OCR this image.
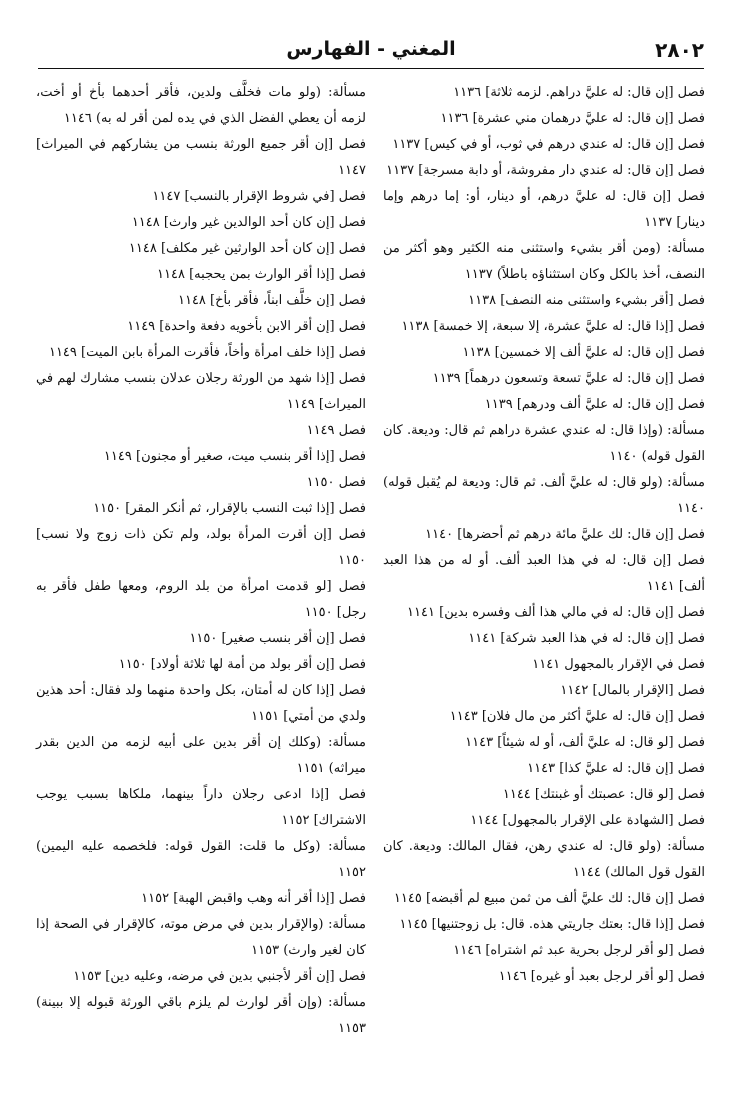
٢٨٠٢
المغني - الفهارس
فصل [إن قال: له عليَّ دراهم. لزمه ثلاثة] ١١٣٦
فصل [إن قال: له عليَّ درهمان مني عشرة] ١١٣٦
فصل [إن قال: له عندي درهم في ثوب، أو في كيس] ١١٣٧
فصل [إن قال: له عندي دار مفروشة، أو دابة مسرجة] ١١٣٧
فصل [إن قال: له عليَّ درهم، أو دينار، أو: إما درهم وإما دينار] ١١٣٧
مسألة: (ومن أقر بشيء واستثنى منه الكثير وهو أكثر من النصف، أخذ بالكل وكان استثناؤه باطلاً) ١١٣٧
فصل [أقر بشيء واستثنى منه النصف] ١١٣٨
فصل [إذا قال: له عليَّ عشرة، إلا سبعة، إلا خمسة] ١١٣٨
فصل [إن قال: له عليَّ ألف إلا خمسين] ١١٣٨
فصل [إن قال: له عليَّ تسعة وتسعون درهماً] ١١٣٩
فصل [إن قال: له عليَّ ألف ودرهم] ١١٣٩
مسألة: (وإذا قال: له عندي عشرة دراهم ثم قال: وديعة. كان القول قوله) ١١٤٠
مسألة: (ولو قال: له عليَّ ألف. ثم قال: وديعة لم يُقبل قوله) ١١٤٠
فصل [إن قال: لك عليَّ مائة درهم ثم أحضرها] ١١٤٠
فصل [إن قال: له في هذا العبد ألف. أو له من هذا العبد ألف] ١١٤١
فصل [إن قال: له في مالي هذا ألف وفسره بدين] ١١٤١
فصل [إن قال: له في هذا العبد شركة] ١١٤١
فصل في الإقرار بالمجهول ١١٤١
فصل [الإقرار بالمال] ١١٤٢
فصل [إن قال: له عليَّ أكثر من مال فلان] ١١٤٣
فصل [لو قال: له عليَّ ألف، أو له شيئاً] ١١٤٣
فصل [إن قال: له عليَّ كذا] ١١٤٣
فصل [لو قال: عصبتك أو غبنتك] ١١٤٤
فصل [الشهادة على الإقرار بالمجهول] ١١٤٤
مسألة: (ولو قال: له عندي رهن، فقال المالك: وديعة. كان القول قول المالك) ١١٤٤
فصل [إن قال: لك عليَّ ألف من ثمن مبيع لم أقبضه] ١١٤٥
فصل [إذا قال: بعتك جاريتي هذه. قال: بل زوجتنيها] ١١٤٥
فصل [لو أقر لرجل بحرية عبد ثم اشتراه] ١١٤٦
فصل [لو أقر لرجل بعبد أو غيره] ١١٤٦
مسألة: (ولو مات فخلَّف ولدين، فأقر أحدهما بأخ أو أخت، لزمه أن يعطي الفضل الذي في يده لمن أقر له به) ١١٤٦
فصل [إن أقر جميع الورثة بنسب من يشاركهم في الميراث] ١١٤٧
فصل [في شروط الإقرار بالنسب] ١١٤٧
فصل [إن كان أحد الوالدين غير وارث] ١١٤٨
فصل [إن كان أحد الوارثين غير مكلف] ١١٤٨
فصل [إذا أقر الوارث بمن يحجبه] ١١٤٨
فصل [إن خلَّف ابناً، فأقر بأخ] ١١٤٨
فصل [إن أقر الابن بأخويه دفعة واحدة] ١١٤٩
فصل [إذا خلف امرأة وأخاً، فأقرت المرأة بابن الميت] ١١٤٩
فصل [إذا شهد من الورثة رجلان عدلان بنسب مشارك لهم في الميراث] ١١٤٩
فصل ١١٤٩
فصل [إذا أقر بنسب ميت، صغير أو مجنون] ١١٤٩
فصل ١١٥٠
فصل [إذا ثبت النسب بالإقرار، ثم أنكر المقر] ١١٥٠
فصل [إن أقرت المرأة بولد، ولم تكن ذات زوج ولا نسب] ١١٥٠
فصل [لو قدمت امرأة من بلد الروم، ومعها طفل فأقر به رجل] ١١٥٠
فصل [إن أقر بنسب صغير] ١١٥٠
فصل [إن أقر بولد من أمة لها ثلاثة أولاد] ١١٥٠
فصل [إذا كان له أمتان، بكل واحدة منهما ولد فقال: أحد هذين ولدي من أمتي] ١١٥١
مسألة: (وكلك إن أقر بدين على أبيه لزمه من الدين بقدر ميراثه) ١١٥١
فصل [إذا ادعى رجلان داراً بينهما، ملكاها بسبب يوجب الاشتراك] ١١٥٢
مسألة: (وكل ما قلت: القول قوله: فلخصمه عليه اليمين) ١١٥٢
فصل [إذا أقر أنه وهب واقبض الهبة] ١١٥٢
مسألة: (والإقرار بدين في مرض موته، كالإقرار في الصحة إذا كان لغير وارث) ١١٥٣
فصل [إن أقر لأجنبي بدين في مرضه، وعليه دين] ١١٥٣
مسألة: (وإن أقر لوارث لم يلزم باقي الورثة قبوله إلا ببينة) ١١٥٣
